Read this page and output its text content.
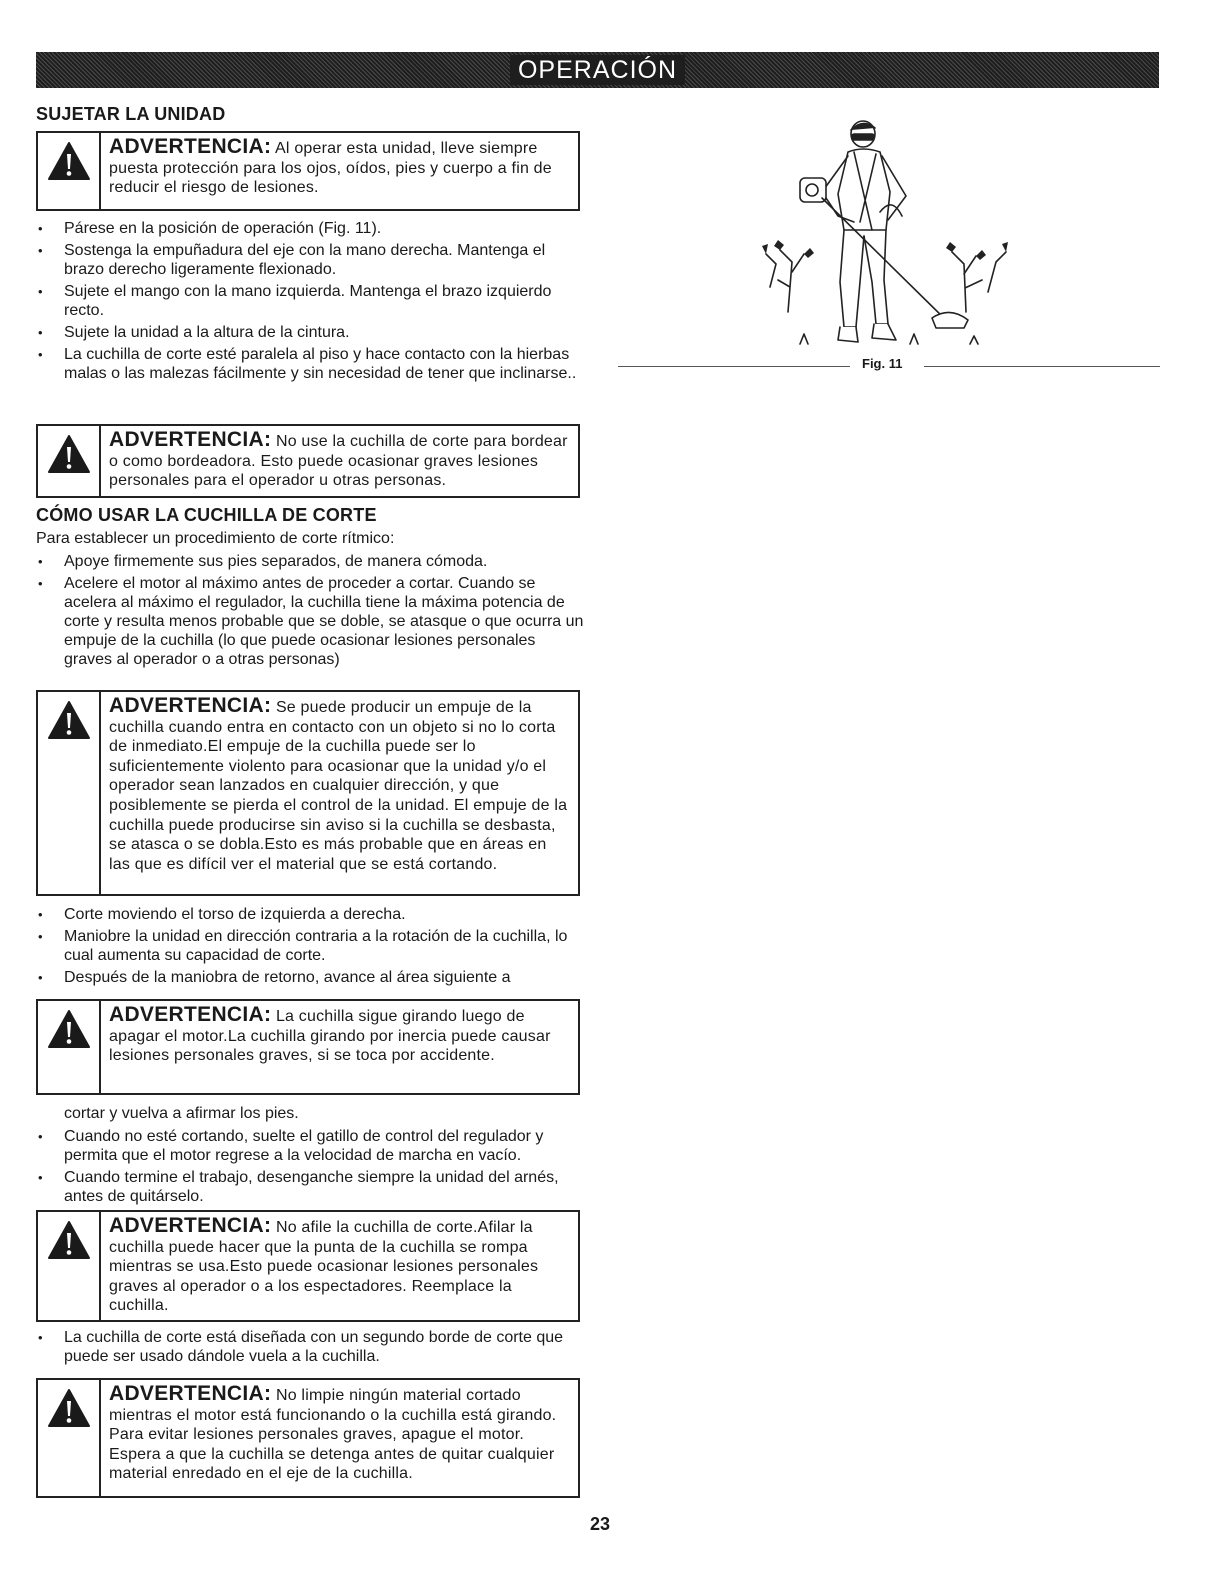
OPERACIÓN
SUJETAR LA UNIDAD
ADVERTENCIA: Al operar esta unidad, lleve siempre puesta protección para los ojos, oídos, pies y cuerpo a fin de reducir el riesgo de lesiones.
• Párese en la posición de operación (Fig. 11).
• Sostenga la empuñadura del eje con la mano derecha. Mantenga el brazo derecho ligeramente flexionado.
• Sujete el mango con la mano izquierda. Mantenga el brazo izquierdo recto.
• Sujete la unidad a la altura de la cintura.
• La cuchilla de corte esté paralela al piso y hace contacto con la hierbas malas o las malezas fácilmente y sin necesidad de tener que inclinarse..
ADVERTENCIA: No use la cuchilla de corte para bordear o como bordeadora. Esto puede ocasionar graves lesiones personales para el operador u otras personas.
CÓMO USAR LA CUCHILLA DE CORTE

Para establecer un procedimiento de corte rítmico:

• Apoye firmemente sus pies separados, de manera cómoda.
• Acelere el motor al máximo antes de proceder a cortar. Cuando se acelera al máximo el regulador, la cuchilla tiene la máxima potencia de corte y resulta menos probable que se doble, se atasque o que ocurra un empuje de la cuchilla (lo que puede ocasionar lesiones personales graves al operador o a otras personas)
ADVERTENCIA: Se puede producir un empuje de la cuchilla cuando entra en contacto con un objeto si no lo corta de inmediato.El empuje de la cuchilla puede ser lo suficientemente violento para ocasionar que la unidad y/o el operador sean lanzados en cualquier dirección, y que posiblemente se pierda el control de la unidad. El empuje de la cuchilla puede producirse sin aviso si la cuchilla se desbasta, se atasca o se dobla.Esto es más probable que en áreas en las que es difícil ver el material que se está cortando.
• Corte moviendo el torso de izquierda a derecha.
• Maniobre la unidad en dirección contraria a la rotación de la cuchilla, lo cual aumenta su capacidad de corte.
• Después de la maniobra de retorno, avance al área siguiente a
ADVERTENCIA: La cuchilla sigue girando luego de apagar el motor.La cuchilla girando por inercia puede causar lesiones personales graves, si se toca por accidente.

cortar y vuelva a afirmar los pies.

• Cuando no esté cortando, suelte el gatillo de control del regulador y permita que el motor regrese a la velocidad de marcha en vacío.
• Cuando termine el trabajo, desenganche siempre la unidad del arnés, antes de quitárselo.
ADVERTENCIA: No afile la cuchilla de corte.Afilar la cuchilla puede hacer que la punta de la cuchilla se rompa mientras se usa.Esto puede ocasionar lesiones personales graves al operador o a los espectadores. Reemplace la cuchilla.
• La cuchilla de corte está diseñada con un segundo borde de corte que puede ser usado dándole vuela a la cuchilla.
ADVERTENCIA: No limpie ningún material cortado mientras el motor está funcionando o la cuchilla está girando. Para evitar lesiones personales graves, apague el motor. Espera a que la cuchilla se detenga antes de quitar cualquier material enredado en el eje de la cuchilla.
Fig. 11
23
